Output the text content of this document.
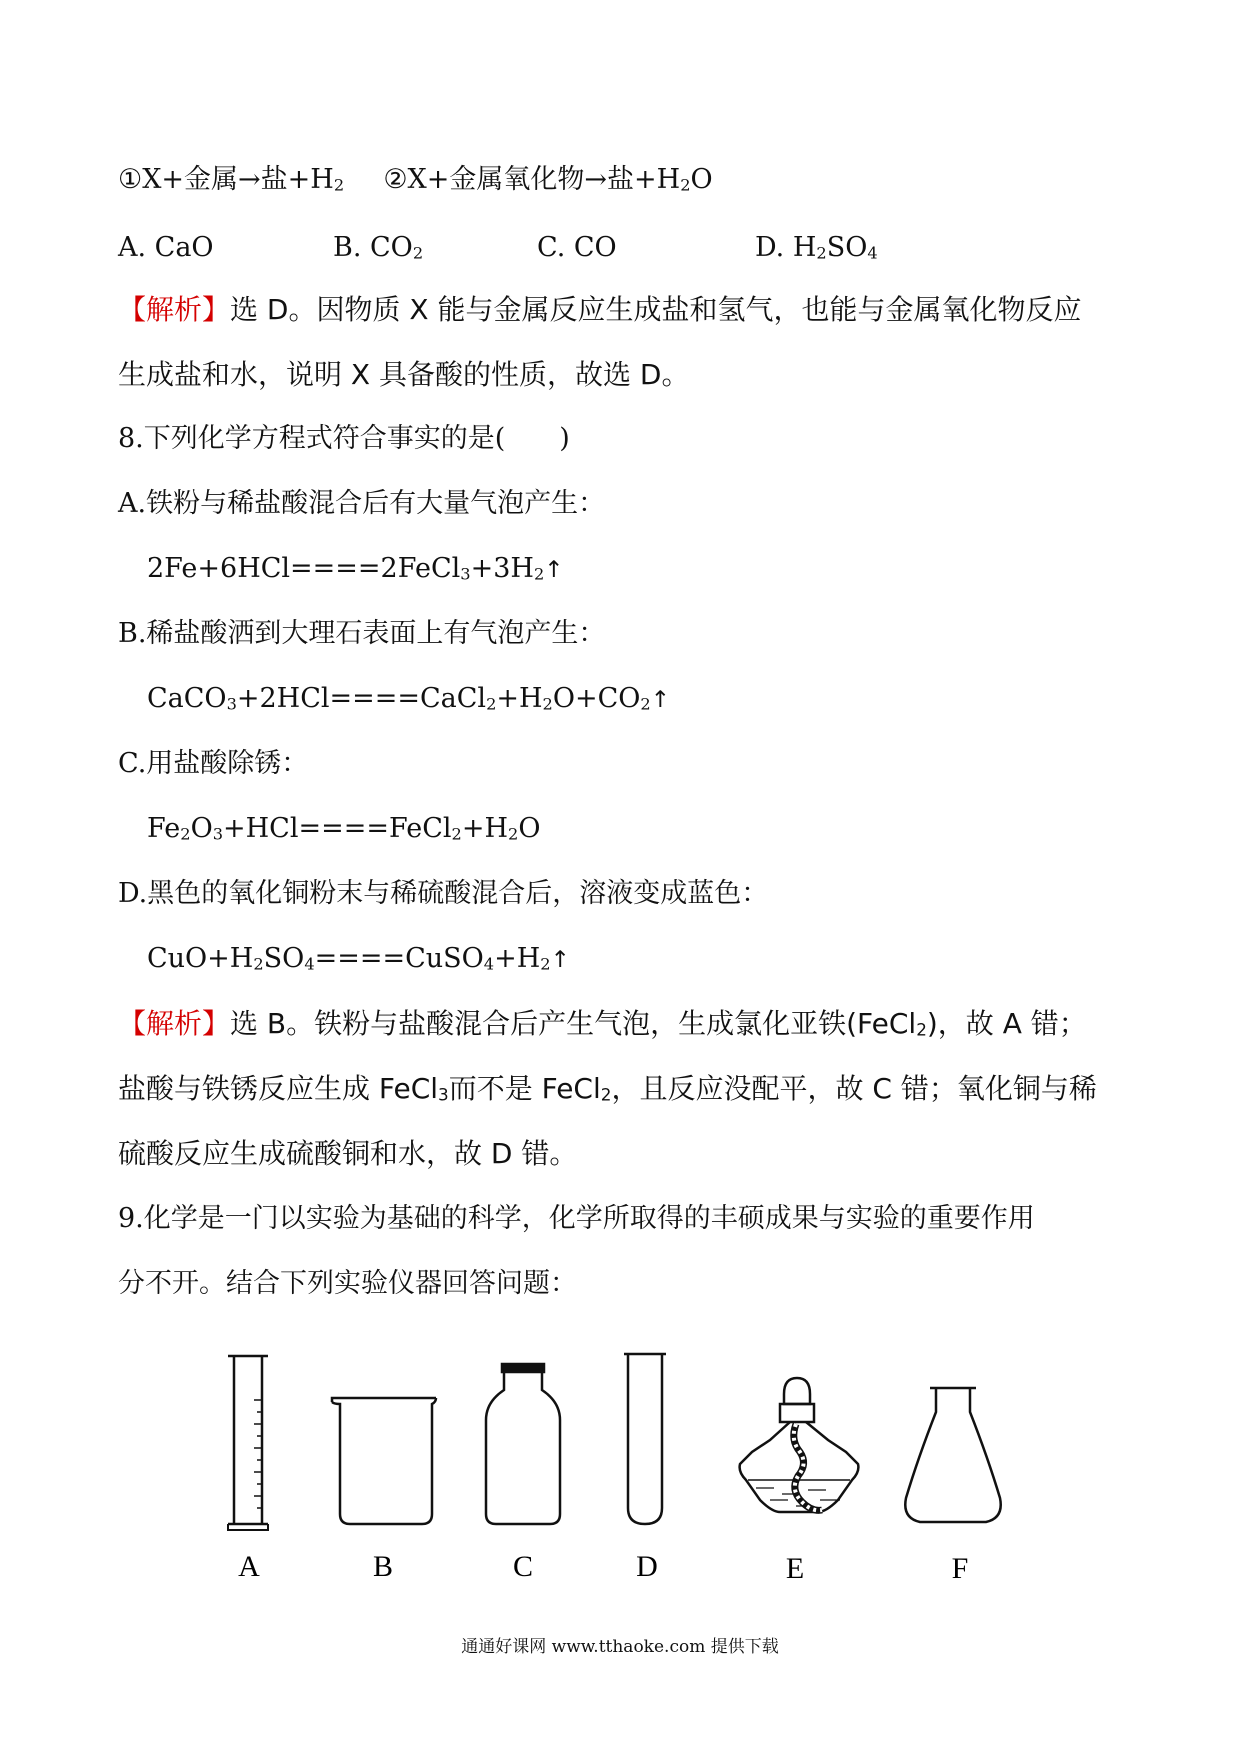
①X+金属→盐$+H_2$ ②X+金属氧化物→盐$+H_2O$
A. CaO	B. $CO_2$	C. CO	D. $H_2SO_4$
【解析】选 D。因物质 X 能与金属反应生成盐和氢气，也能与金属氧化物反应
生成盐和水，说明 X 具备酸的性质，故选 D。
8.下列化学方程式符合事实的是(　　)
A.铁粉与稀盐酸混合后有大量气泡产生：
$2Fe+6HCl====2FeCl_3+3H_2↑$
B.稀盐酸洒到大理石表面上有气泡产生：
$CaCO_3+2HCl====CaCl_2+H_2O+CO_2↑$
C.用盐酸除锈：
$Fe_2O_3+HCl====FeCl_2+H_2O$
D.黑色的氧化铜粉末与稀硫酸混合后，溶液变成蓝色：
$CuO+H_2SO_4====CuSO_4+H_2↑$
【解析】选 B。铁粉与盐酸混合后产生气泡，生成氯化亚铁(FeCl$_2$)，故 A 错；
盐酸与铁锈反应生成 FeCl$_3$而不是 FeCl$_2$，且反应没配平，故 C 错；氧化铜与稀
硫酸反应生成硫酸铜和水，故 D 错。
9.化学是一门以实验为基础的科学，化学所取得的丰硕成果与实验的重要作用
分不开。结合下列实验仪器回答问题：
A	B	C	D	E	F
通通好课网 www.tthaoke.com 提供下载
